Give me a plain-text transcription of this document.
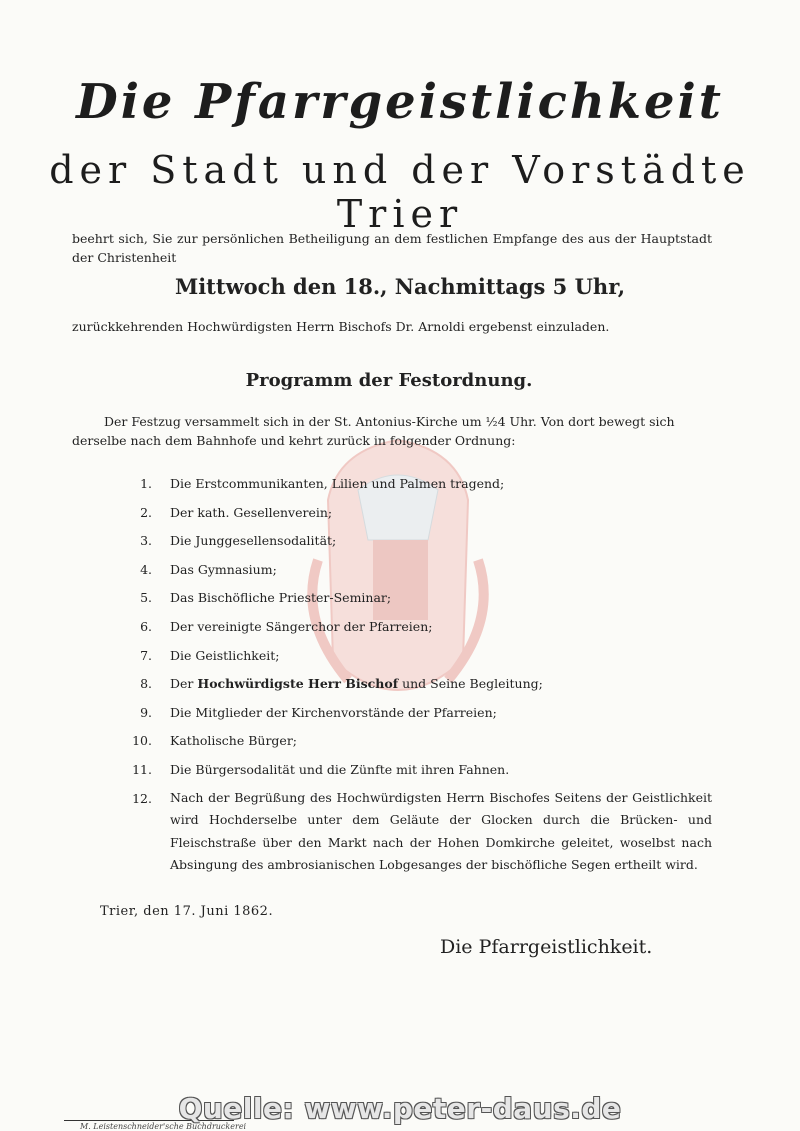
Die Pfarrgeistlichkeit
der Stadt und der Vorstädte Trier
beehrt sich, Sie zur persönlichen Betheiligung an dem festlichen Empfange des aus der Hauptstadt der Christenheit
Mittwoch den 18., Nachmittags 5 Uhr,
zurückkehrenden Hochwürdigsten Herrn Bischofs Dr. Arnoldi ergebenst einzuladen.
Programm der Festordnung.
Der Festzug versammelt sich in der St. Antonius-Kirche um ½4 Uhr. Von dort bewegt sich
derselbe nach dem Bahnhofe und kehrt zurück in folgender Ordnung:
1. Die Erstcommunikanten, Lilien und Palmen tragend;
2. Der kath. Gesellenverein;
3. Die Junggesellensodalität;
4. Das Gymnasium;
5. Das Bischöfliche Priester-Seminar;
6. Der vereinigte Sängerchor der Pfarreien;
7. Die Geistlichkeit;
8. Der Hochwürdigste Herr Bischof und Seine Begleitung;
9. Die Mitglieder der Kirchenvorstände der Pfarreien;
10. Katholische Bürger;
11. Die Bürgersodalität und die Zünfte mit ihren Fahnen.
12. Nach der Begrüßung des Hochwürdigsten Herrn Bischofes Seitens der Geistlichkeit wird Hochderselbe unter dem Geläute der Glocken durch die Brücken- und Fleischstraße über den Markt nach der Hohen Domkirche geleitet, woselbst nach Absingung des ambrosianischen Lobgesanges der bischöfliche Segen ertheilt wird.
Trier, den 17. Juni 1862.
Die Pfarrgeistlichkeit.
M. Leistenschneider'sche Buchdruckerei
Quelle: www.peter-daus.de
